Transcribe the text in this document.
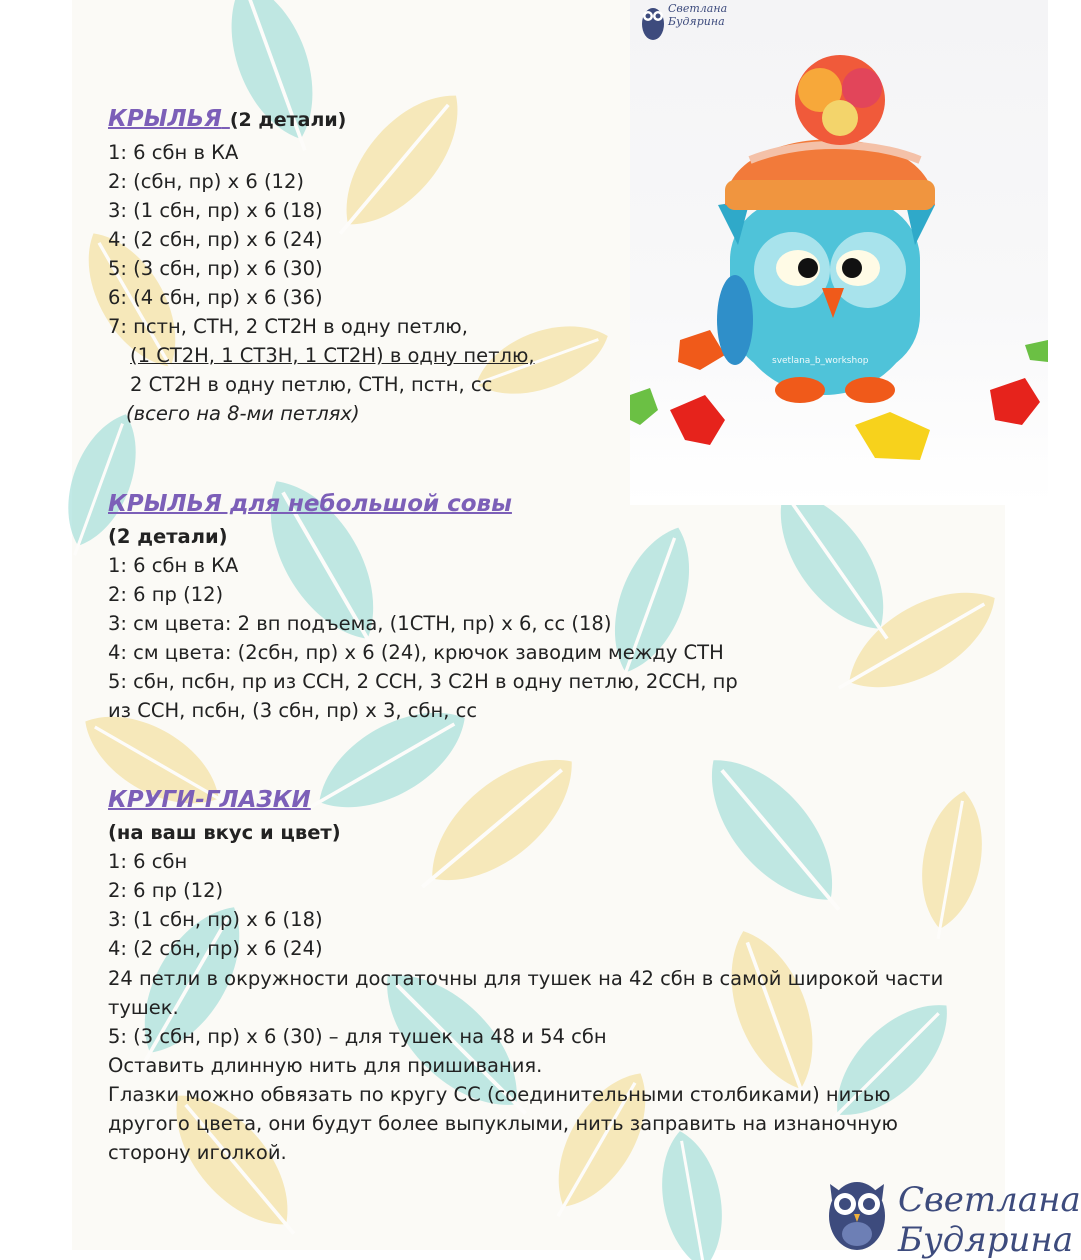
svetlana_b_workshop
Светлана
Будярина
КРЫЛЬЯ (2 детали)
1: 6 сбн в КА
2: (сбн, пр) х 6 (12)
3: (1 сбн, пр) х 6 (18)
4: (2 сбн, пр) х 6 (24)
5: (3 сбн, пр) х 6 (30)
6: (4 сбн, пр) х 6 (36)
7: пстн, СТН, 2 СТ2Н в одну петлю,
(1 СТ2Н, 1 СТ3Н, 1 СТ2Н) в одну петлю,
2 СТ2Н в одну петлю, СТН, пстн, сс
(всего на 8-ми петлях)
КРЫЛЬЯ для небольшой совы
(2 детали)
1: 6 сбн в КА
2: 6 пр (12)
3: см цвета: 2 вп подъема, (1СТН, пр) х 6, сс (18)
4: см цвета: (2сбн, пр) х 6 (24), крючок заводим между СТН
5: сбн, псбн, пр из ССН, 2 ССН, 3 С2Н в одну петлю, 2ССН, пр
из ССН, псбн, (3 сбн, пр) х 3, сбн, сс
КРУГИ-ГЛАЗКИ
(на ваш вкус и цвет)
1: 6 сбн
2: 6 пр (12)
3: (1 сбн, пр) х 6 (18)
4: (2 сбн, пр) х 6 (24)
24 петли в окружности достаточны для тушек на 42 сбн в самой широкой части
тушек.
5: (3 сбн, пр) х 6 (30) – для тушек на 48 и 54 сбн
Оставить длинную нить для пришивания.
Глазки можно обвязать по кругу СС (соединительными столбиками) нитью
другого цвета, они будут более выпуклыми, нить заправить на изнаночную
сторону иголкой.
Светлана
Будярина
